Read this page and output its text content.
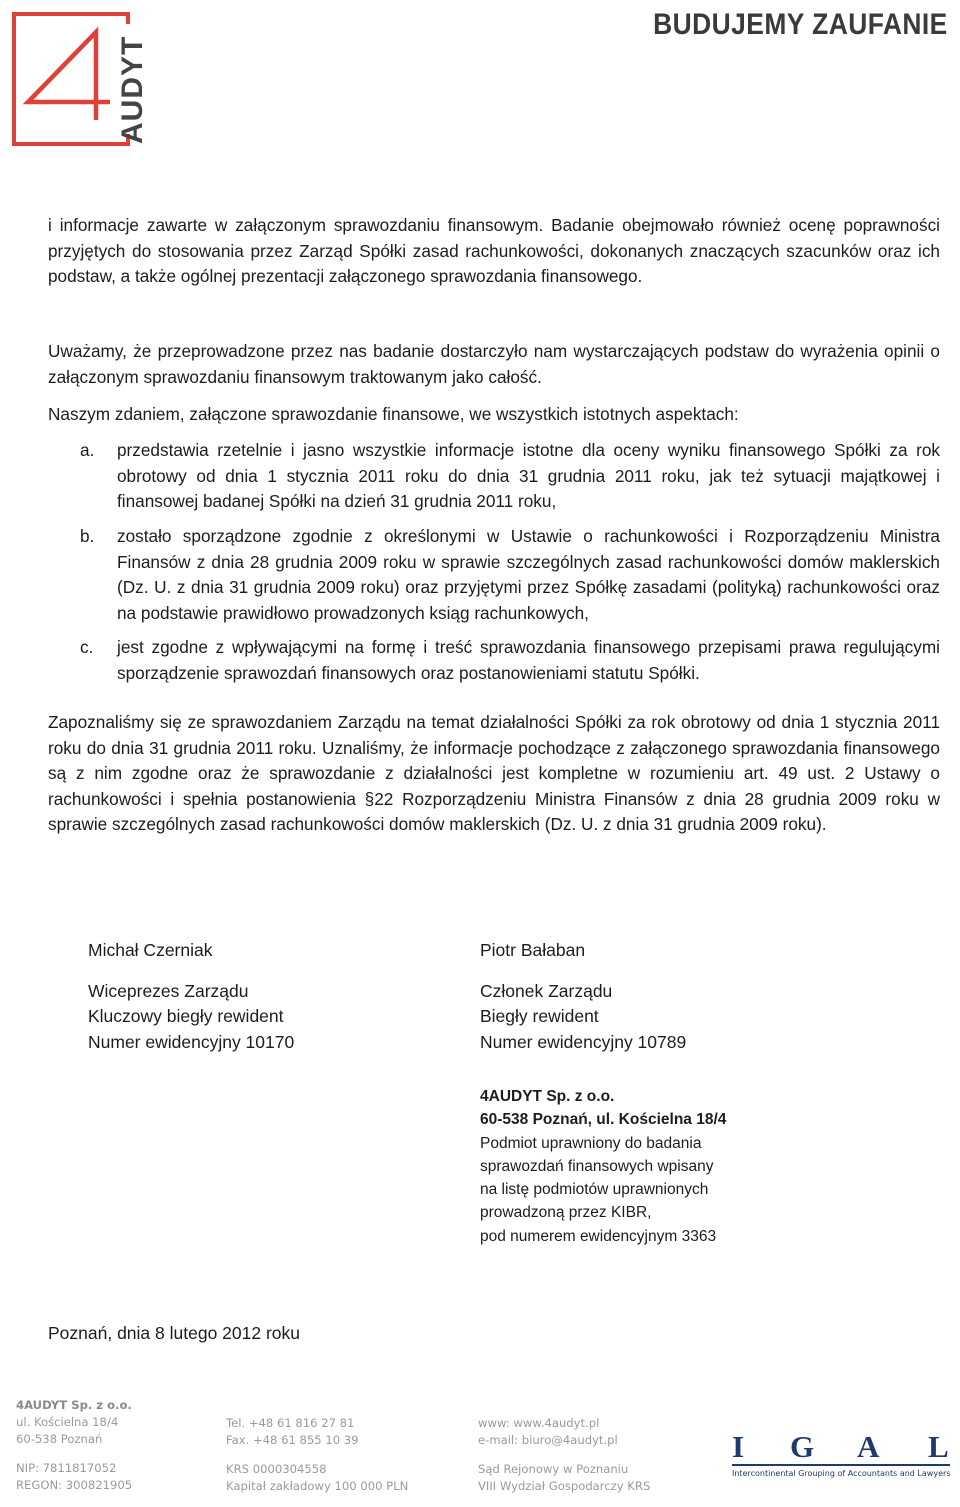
AUDYT
BUDUJEMY ZAUFANIE

i informacje zawarte w załączonym sprawozdaniu finansowym. Badanie obejmowało również ocenę poprawności przyjętych do stosowania przez Zarząd Spółki zasad rachunkowości, dokonanych znaczących szacunków oraz ich podstaw, a także ogólnej prezentacji załączonego sprawozdania finansowego.

Uważamy, że przeprowadzone przez nas badanie dostarczyło nam wystarczających podstaw do wyrażenia opinii o załączonym sprawozdaniu finansowym traktowanym jako całość.

Naszym zdaniem, załączone sprawozdanie finansowe, we wszystkich istotnych aspektach:

a. przedstawia rzetelnie i jasno wszystkie informacje istotne dla oceny wyniku finansowego Spółki za rok obrotowy od dnia 1 stycznia 2011 roku do dnia 31 grudnia 2011 roku, jak też sytuacji majątkowej i finansowej badanej Spółki na dzień 31 grudnia 2011 roku,
b. zostało sporządzone zgodnie z określonymi w Ustawie o rachunkowości i Rozporządzeniu Ministra Finansów z dnia 28 grudnia 2009 roku w sprawie szczególnych zasad rachunkowości domów maklerskich (Dz. U. z dnia 31 grudnia 2009 roku) oraz przyjętymi przez Spółkę zasadami (polityką) rachunkowości oraz na podstawie prawidłowo prowadzonych ksiąg rachunkowych,
c. jest zgodne z wpływającymi na formę i treść sprawozdania finansowego przepisami prawa regulującymi sporządzenie sprawozdań finansowych oraz postanowieniami statutu Spółki.

Zapoznaliśmy się ze sprawozdaniem Zarządu na temat działalności Spółki za rok obrotowy od dnia 1 stycznia 2011 roku do dnia 31 grudnia 2011 roku. Uznaliśmy, że informacje pochodzące z załączonego sprawozdania finansowego są z nim zgodne oraz że sprawozdanie z działalności jest kompletne w rozumieniu art. 49 ust. 2 Ustawy o rachunkowości i spełnia postanowienia §22 Rozporządzeniu Ministra Finansów z dnia 28 grudnia 2009 roku w sprawie szczególnych zasad rachunkowości domów maklerskich (Dz. U. z dnia 31 grudnia 2009 roku).

Michał Czerniak
Wiceprezes Zarządu
Kluczowy biegły rewident
Numer ewidencyjny 10170
Piotr Bałaban
Członek Zarządu
Biegły rewident
Numer ewidencyjny 10789
4AUDYT Sp. z o.o.
60-538 Poznań, ul. Kościelna 18/4
Podmiot uprawniony do badania
sprawozdań finansowych wpisany
na listę podmiotów uprawnionych
prowadzoną przez KIBR,
pod numerem ewidencyjnym 3363
Poznań, dnia 8 lutego 2012 roku
4AUDYT Sp. z o.o.
ul. Kościelna 18/4
60-538 Poznań
NIP: 7811817052
REGON: 300821905
Tel. +48 61 816 27 81
Fax. +48 61 855 10 39
KRS 0000304558
Kapitał zakładowy 100 000 PLN
www: www.4audyt.pl
e-mail: biuro@4audyt.pl
Sąd Rejonowy w Poznaniu
VIII Wydział Gospodarczy KRS
I G A L
Intercontinental Grouping of Accountants and Lawyers
